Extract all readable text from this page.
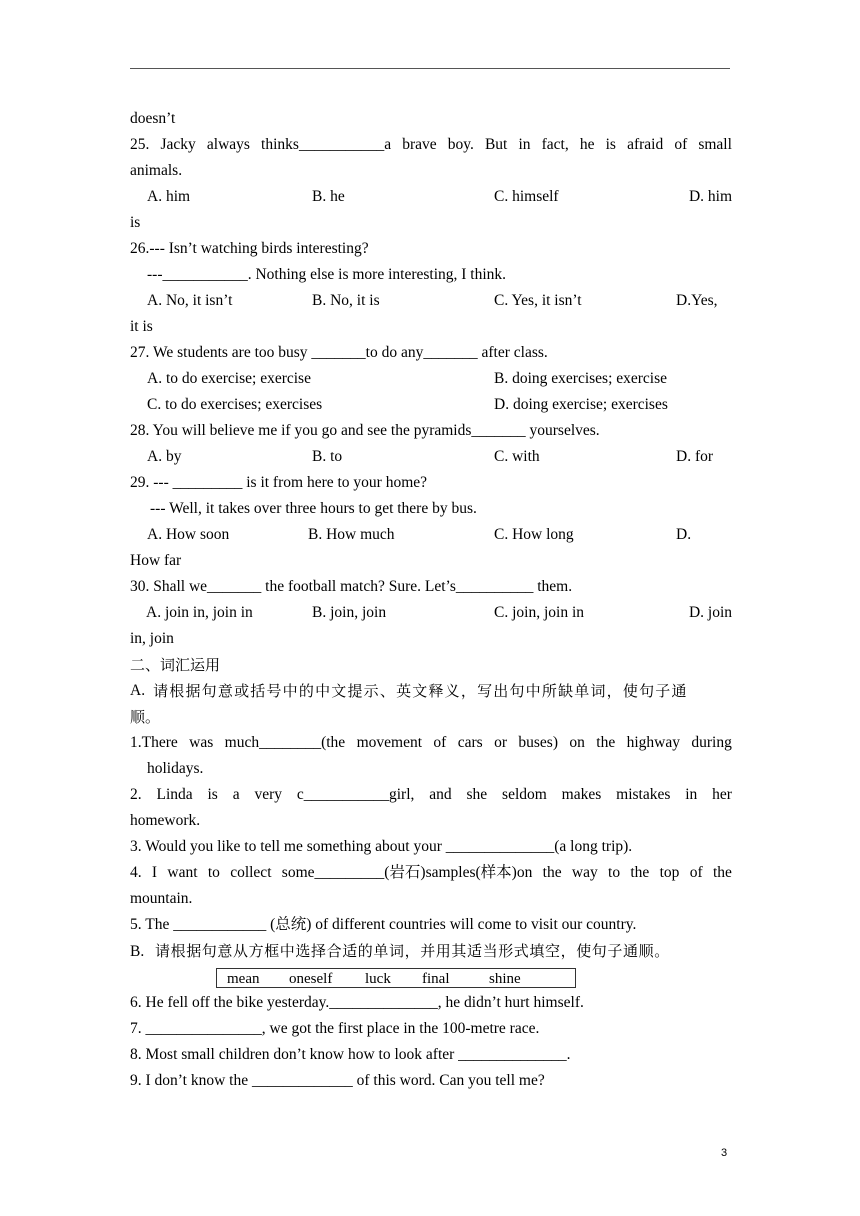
doesn’t
25. Jacky always thinks___________a brave boy. But in fact, he is afraid of small
animals.
A. him	B. he	C. himself	D. him
is
26.--- Isn’t watching birds interesting?
---___________. Nothing else is more interesting, I think.
A. No, it isn’t	B. No, it is	C. Yes, it isn’t	D.Yes,
it is
27. We students are too busy _______to do any_______ after class.
A. to do exercise; exercise	B. doing exercises; exercise
C. to do exercises; exercises	D. doing exercise; exercises
28. You will believe me if you go and see the pyramids_______ yourselves.
A. by	B. to	C. with	D. for
29. --- _________ is it from here to your home?
--- Well, it takes over three hours to get there by bus.
A. How soon	B. How much	C. How long	D.
How far
30. Shall we_______ the football match? Sure. Let’s__________ them.
A. join in, join in	B. join, join	C. join, join in	D. join
in, join
二、词汇运用
A. 请根据句意或括号中的中文提示、英文释义，写出句中所缺单词，使句子通
顺。
1.There was much________(the movement of cars or buses) on the highway during
holidays.
2. Linda is a very c___________girl, and she seldom makes mistakes in her
homework.
3. Would you like to tell me something about your ______________(a long trip).
4. I want to collect some_________(岩石)samples(样本)on the way to the top of the
mountain.
5. The ____________ (总统) of different countries will come to visit our country.
B. 请根据句意从方框中选择合适的单词，并用其适当形式填空，使句子通顺。
mean oneself luck final	shine
6. He fell off the bike yesterday.______________, he didn’t hurt himself.
7. _______________, we got the first place in the 100-metre race.
8. Most small children don’t know how to look after ______________.
9. I don’t know the _____________ of this word. Can you tell me?
3
